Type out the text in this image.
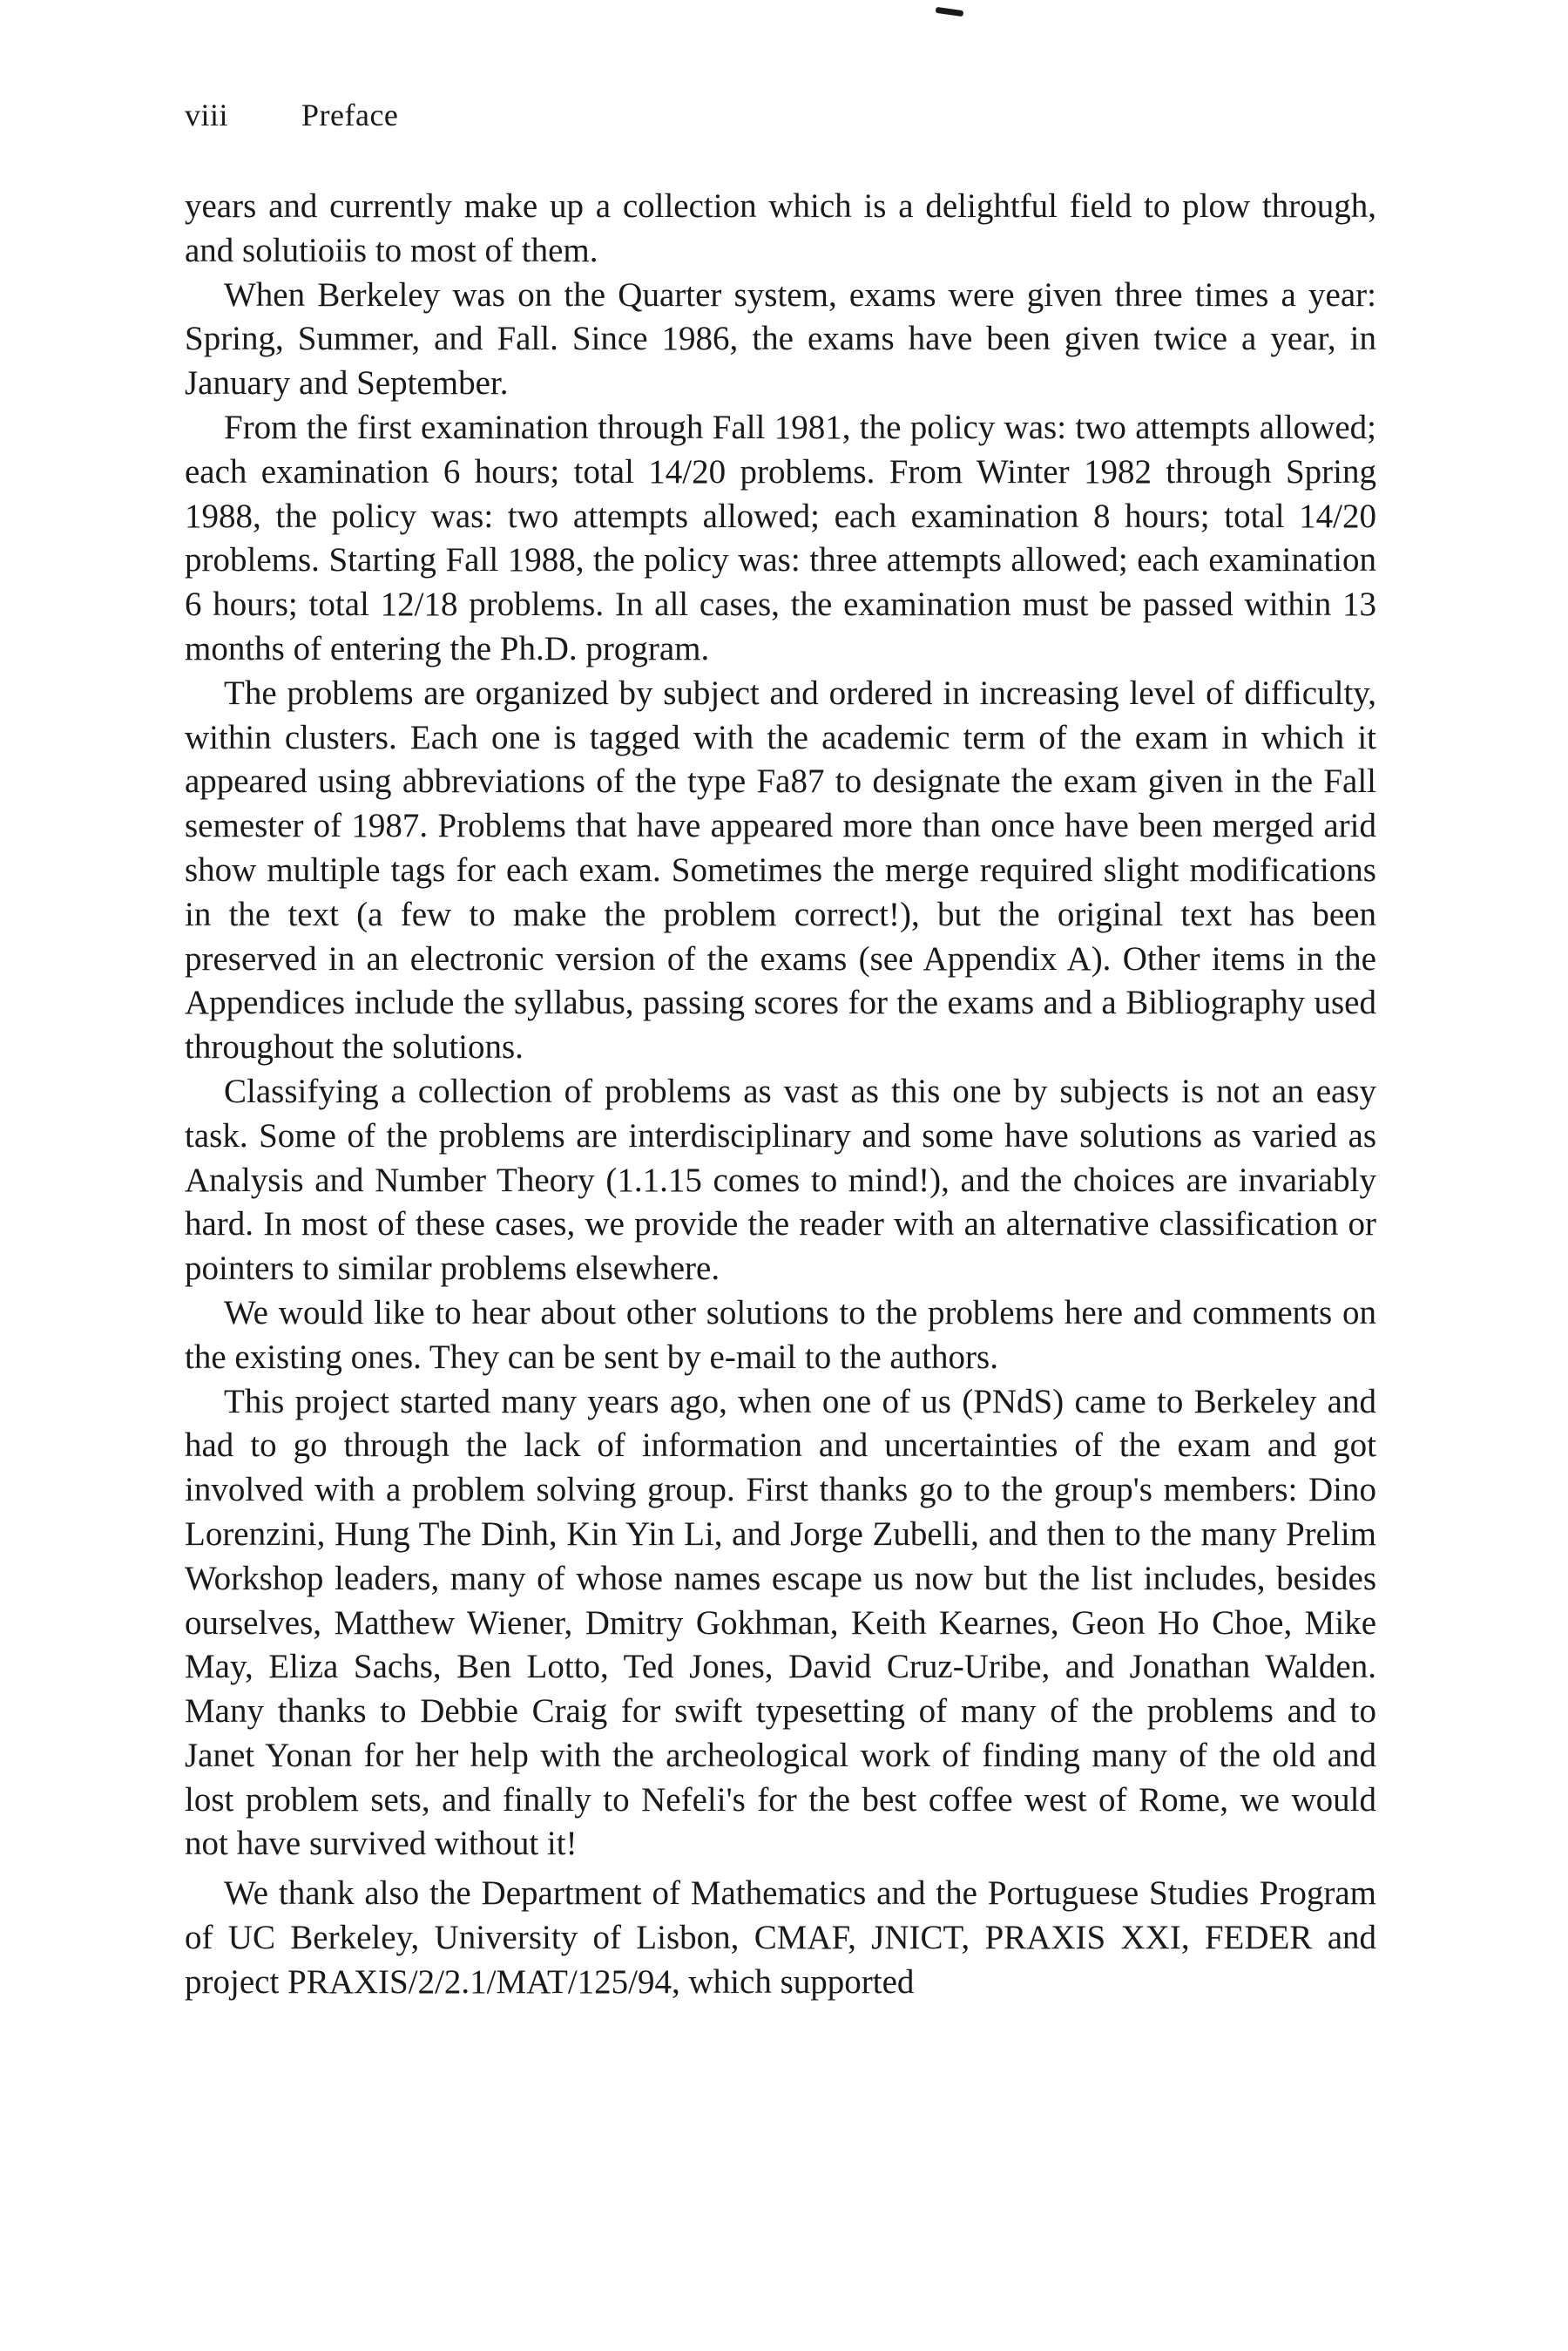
viii Preface

years and currently make up a collection which is a delightful field to plow through, and solutioiis to most of them.

When Berkeley was on the Quarter system, exams were given three times a year: Spring, Summer, and Fall. Since 1986, the exams have been given twice a year, in January and September.

From the first examination through Fall 1981, the policy was: two attempts allowed; each examination 6 hours; total 14/20 problems. From Winter 1982 through Spring 1988, the policy was: two attempts allowed; each examination 8 hours; total 14/20 problems. Starting Fall 1988, the policy was: three attempts allowed; each examination 6 hours; total 12/18 problems. In all cases, the examination must be passed within 13 months of entering the Ph.D. program.

The problems are organized by subject and ordered in increasing level of difficulty, within clusters. Each one is tagged with the academic term of the exam in which it appeared using abbreviations of the type Fa87 to designate the exam given in the Fall semester of 1987. Problems that have appeared more than once have been merged arid show multiple tags for each exam. Sometimes the merge required slight modifications in the text (a few to make the problem correct!), but the original text has been preserved in an electronic version of the exams (see Appendix A). Other items in the Appendices include the syllabus, passing scores for the exams and a Bibliography used throughout the solutions.

Classifying a collection of problems as vast as this one by subjects is not an easy task. Some of the problems are interdisciplinary and some have solutions as varied as Analysis and Number Theory (1.1.15 comes to mind!), and the choices are invariably hard. In most of these cases, we provide the reader with an alternative classification or pointers to similar problems elsewhere.

We would like to hear about other solutions to the problems here and comments on the existing ones. They can be sent by e-mail to the authors.

This project started many years ago, when one of us (PNdS) came to Berkeley and had to go through the lack of information and uncertainties of the exam and got involved with a problem solving group. First thanks go to the group's members: Dino Lorenzini, Hung The Dinh, Kin Yin Li, and Jorge Zubelli, and then to the many Prelim Workshop leaders, many of whose names escape us now but the list includes, besides ourselves, Matthew Wiener, Dmitry Gokhman, Keith Kearnes, Geon Ho Choe, Mike May, Eliza Sachs, Ben Lotto, Ted Jones, David Cruz-Uribe, and Jonathan Walden. Many thanks to Debbie Craig for swift typesetting of many of the problems and to Janet Yonan for her help with the archeological work of finding many of the old and lost problem sets, and finally to Nefeli's for the best coffee west of Rome, we would not have survived without it!

We thank also the Department of Mathematics and the Portuguese Studies Program of UC Berkeley, University of Lisbon, CMAF, JNICT, PRAXIS XXI, FEDER and project PRAXIS/2/2.1/MAT/125/94, which supported
